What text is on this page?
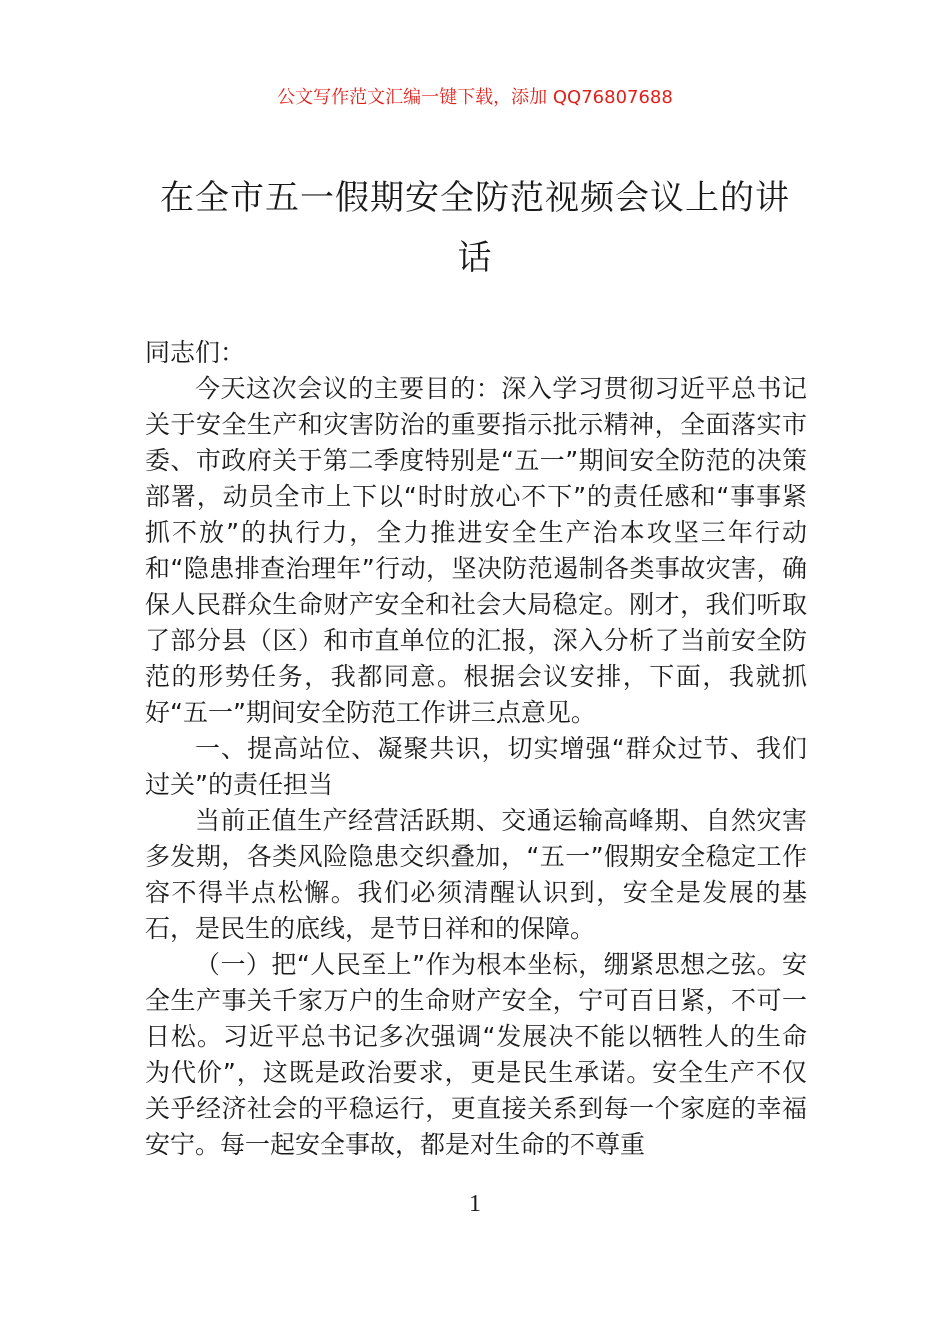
公文写作范文汇编一键下载，添加 QQ76807688
在全市五一假期安全防范视频会议上的讲话

同志们：

今天这次会议的主要目的：深入学习贯彻习近平总书记关于安全生产和灾害防治的重要指示批示精神，全面落实市委、市政府关于第二季度特别是“五一”期间安全防范的决策部署，动员全市上下以“时时放心不下”的责任感和“事事紧抓不放”的执行力，全力推进安全生产治本攻坚三年行动和“隐患排查治理年”行动，坚决防范遏制各类事故灾害，确保人民群众生命财产安全和社会大局稳定。刚才，我们听取了部分县（区）和市直单位的汇报，深入分析了当前安全防范的形势任务，我都同意。根据会议安排，下面，我就抓好“五一”期间安全防范工作讲三点意见。

一、提高站位、凝聚共识，切实增强“群众过节、我们过关”的责任担当

当前正值生产经营活跃期、交通运输高峰期、自然灾害多发期，各类风险隐患交织叠加，“五一”假期安全稳定工作容不得半点松懈。我们必须清醒认识到，安全是发展的基石，是民生的底线，是节日祥和的保障。

（一）把“人民至上”作为根本坐标，绷紧思想之弦。安全生产事关千家万户的生命财产安全，宁可百日紧，不可一日松。习近平总书记多次强调“发展决不能以牺牲人的生命为代价”，这既是政治要求，更是民生承诺。安全生产不仅关乎经济社会的平稳运行，更直接关系到每一个家庭的幸福安宁。每一起安全事故，都是对生命的不尊重

1
